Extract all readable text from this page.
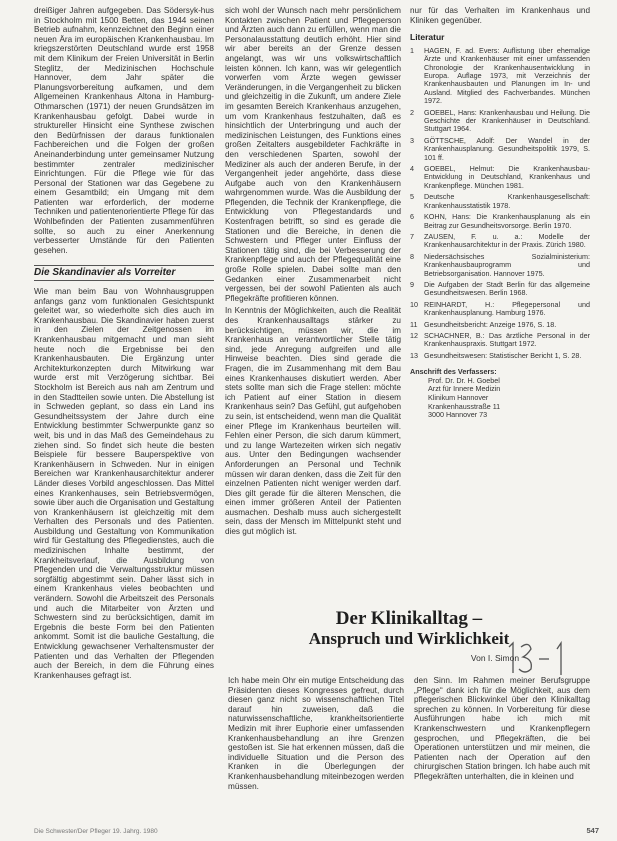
dreißiger Jahren aufgegeben. Das Södersyk-hus in Stockholm mit 1500 Betten, das 1944 seinen Betrieb aufnahm, kennzeichnet den Beginn einer neuen Ära im europäischen Krankenhausbau. Im kriegszerstörten Deutschland wurde erst 1958 mit dem Klinikum der Freien Universität in Berlin Steglitz, der Medizinischen Hochschule Hannover, dem Jahr später die Planungsvorbereitung aufkamen, und dem Allgemeinen Krankenhaus Altona in Hamburg-Othmarschen (1971) der neuen Grundsätzen im Krankenhausbau gefolgt. Dabei wurde in struktureller Hinsicht eine Synthese zwischen den Bedürfnissen der daraus funktionalen Fachbereichen und die Folgen der großen Aneinanderbindung unter gemeinsamer Nutzung bestimmter zentraler medizinischer Einrichtungen. Für die Pflege wie für das Personal der Stationen war das Gegebene zu einem Gesamtbild; ein Umgang mit dem Patienten war erforderlich, der moderne Techniken und patientenorientierte Pflege für das Wohlbefinden der Patienten zusammenführen sollte, so auch zu einer Anerkennung verbesserter Umstände für den Patienten gesehen.

Die Skandinavier als Vorreiter

Wie man beim Bau von Wohnhausgruppen anfangs ganz vom funktionalen Gesichtspunkt geleitet war, so wiederholte sich dies auch im Krankenhausbau. Die Skandinavier haben zuerst in den Zielen der Zeitgenossen im Krankenhausbau mitgemacht und man sieht heute noch die Ergebnisse bei den Krankenhausbauten. Die Ergänzung unter Architekturkonzepten durch Mitwirkung war wurde erst mit Verzögerung sichtbar. Bei Stockholm ist Bereich aus nah am Zentrum und in den Stadtteilen sowie unten. Die Abstellung ist in Schweden geplant, so dass ein Land ins Gesundheitssystem der Jahre durch eine Entwicklung bestimmter Schwerpunkte ganz so weit, bis und in das Maß des Gemeindehaus zu ziehen sind. So findet sich heute die besten Beispiele für bessere Bauperspektive von Krankenhäusern in Schweden. Nur in einigen Bereichen war Krankenhausarchitektur anderer Länder dieses Vorbild angeschlossen. Das Mittel eines Krankenhauses, sein Betriebsvermögen, sowie über auch die Organisation und Gestaltung von Krankenhäusern ist gleichzeitig mit dem Verhalten des Personals und des Patienten. Ausbildung und Gestaltung von Kommunikation wird für Gestaltung des Pflegedienstes, auch die medizinischen Inhalte bestimmt, der Krankheitsverlauf, die Ausbildung von Pflegenden und die Verwaltungsstruktur müssen sorgfältig abgestimmt sein. Daher lässt sich in einem Krankenhaus vieles beobachten und verändern. Sowohl die Arbeitszeit des Personals und auch die Mitarbeiter von Ärzten und Schwestern sind zu berücksichtigen, damit im Ergebnis die beste Form bei den Patienten ankommt. Somit ist die bauliche Gestaltung, die Entwicklung gewachsener Verhaltensmuster der Patienten und das Verhalten der Pflegenden auch der Bereich, in dem die Führung eines Krankenhauses gefragt ist.

sich wohl der Wunsch nach mehr persönlichem Kontakten zwischen Patient und Pflegeperson und Ärzten auch dann zu erfüllen, wenn man die Personalausstattung deutlich erhöht. Hier sind wir aber bereits an der Grenze dessen angelangt, was wir uns volkswirtschaftlich leisten können. Ich kann, was wir gelegentlich vorwerfen vom Ärzte wegen gewisser Veränderungen, in die Vergangenheit zu blicken und gleichzeitig in die Zukunft, um andere Ziele im gesamten Bereich Krankenhaus anzugehen, um vom Krankenhaus festzuhalten, daß es hinsichtlich der Unterbringung und auch der medizinischen Leistungen, des Funktions eines großen Zeitalters ausgebildeter Fachkräfte in den verschiedenen Sparten, sowohl der Mediziner als auch der anderen Berufe, in der Vergangenheit jeder angehörte, dass diese Aufgabe auch von den Krankenhäusern wahrgenommen wurde. Was die Ausbildung der Pflegenden, die Technik der Krankenpflege, die Entwicklung von Pflegestandards und Kostenfragen betrifft, so sind es gerade die Stationen und die Bereiche, in denen die Schwestern und Pfleger unter Einfluss der Stationen tätig sind, die bei Verbesserung der Krankenpflege und auch der Pflegequalität eine große Rolle spielen. Dabei sollte man den Gedanken einer Zusammenarbeit nicht vergessen, bei der sowohl Patienten als auch Pflegekräfte profitieren können.

In Kenntnis der Möglichkeiten, auch die Realität des Krankenhausalltags stärker zu berücksichtigen, müssen wir, die im Krankenhaus an verantwortlicher Stelle tätig sind, jede Anregung aufgreifen und alle Hinweise beachten. Dies sind gerade die Fragen, die im Zusammenhang mit dem Bau eines Krankenhauses diskutiert werden. Aber stets sollte man sich die Frage stellen: möchte ich Patient auf einer Station in diesem Krankenhaus sein? Das Gefühl, gut aufgehoben zu sein, ist entscheidend, wenn man die Qualität einer Pflege im Krankenhaus beurteilen will. Fehlen einer Person, die sich darum kümmert, und zu lange Wartezeiten wirken sich negativ aus. Unter den Bedingungen wachsender Anforderungen an Personal und Technik müssen wir daran denken, dass die Zeit für den einzelnen Patienten nicht weniger werden darf. Dies gilt gerade für die älteren Menschen, die einen immer größeren Anteil der Patienten ausmachen. Deshalb muss auch sichergestellt sein, dass der Mensch im Mittelpunkt steht und dies gut möglich ist.

nur für das Verhalten im Krankenhaus und Kliniken gegenüber.

Literatur
1	HAGEN, F. ad. Evers: Auflistung über ehemalige Ärzte und Krankenhäuser mit einer umfassenden Chronologie der Krankenhausentwicklung in Europa. Auflage 1973, mit Verzeichnis der Krankenhausbauten und Planungen im In- und Ausland. Mitglied des Fachverbandes. München 1972.
2	GOEBEL, Hans: Krankenhausbau und Heilung. Die Geschichte der Krankenhäuser in Deutschland. Stuttgart 1964.
3	GÖTTSCHE, Adolf: Der Wandel in der Krankenhausplanung. Gesundheitspolitik 1979, S. 101 ff.
4	GOEBEL, Helmut: Die Krankenhausbau-Entwicklung in Deutschland, Krankenhaus und Krankenpflege. München 1981.
5	Deutsche Krankenhausgesellschaft: Krankenhausstatistik 1978.
6	KOHN, Hans: Die Krankenhausplanung als ein Beitrag zur Gesundheitsvorsorge. Berlin 1970.
7	ZAUSEN, F. u. a.: Modelle der Krankenhausarchitektur in der Praxis. Zürich 1980.
8	Niedersächsisches Sozialministerium: Krankenhausbauprogramm und Betriebsorganisation. Hannover 1975.
9	Die Aufgaben der Stadt Berlin für das allgemeine Gesundheitswesen. Berlin 1968.
10 REINHARDT, H.: Pflegepersonal und Krankenhausplanung. Hamburg 1976.
11 Gesundheitsbericht: Anzeige 1976, S. 18.
12 SCHACHNER, B.: Das ärztliche Personal in der Krankenhauspraxis. Stuttgart 1972.
13 Gesundheitswesen: Statistischer Bericht 1, S. 28.
Anschrift des Verfassers:
Prof. Dr. Dr. H. Goebel
Arzt für Innere Medizin
Klinikum Hannover
Krankenhausstraße 11
3000 Hannover 73
Der Klinikalltag –
Anspruch und Wirklichkeit
Von I. Simon
Ich habe mein Ohr ein mutige Entscheidung das Präsidenten dieses Kongresses gefreut, durch diesen ganz nicht so wissenschaftlichen Titel darauf hin zuweisen, daß die naturwissenschaftliche, krankheitsorientierte Medizin mit ihrer Euphorie einer umfassenden Krankenhausbehandlung an ihre Grenzen gestoßen ist. Sie hat erkennen müssen, daß die individuelle Situation und die Person des Kranken in die Überlegungen der Krankenhausbehandlung miteinbezogen werden müssen.
den Sinn. Im Rahmen meiner Berufsgruppe „Pflege“ dank ich für die Möglichkeit, aus dem pflegerischen Blickwinkel über den Klinikalltag sprechen zu können. In Vorbereitung für diese Ausführungen habe ich mich mit Krankenschwestern und Krankenpflegern gesprochen, und Pflegekräften, die bei Operationen unterstützen und mir meinen, die Patienten nach der Operation auf den chirurgischen Station bringen. Ich habe auch mit Pflegekräften unterhalten, die in kleinen und
Die Schwester/Der Pfleger 19. Jahrg. 1980	547
